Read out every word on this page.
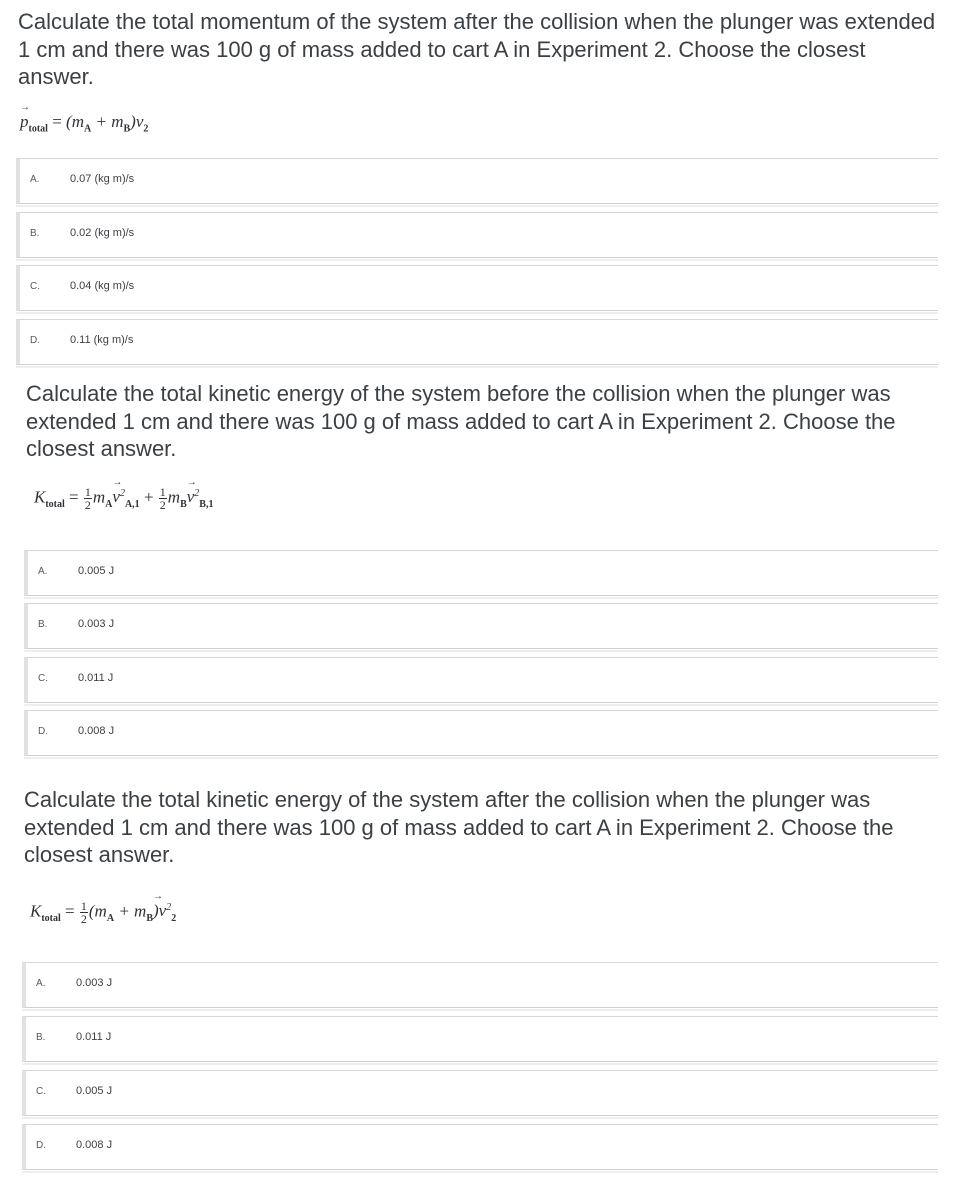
Calculate the total momentum of the system after the collision when the plunger was extended 1 cm and there was 100 g of mass added to cart A in Experiment 2. Choose the closest answer.

→ $p_{total} = (m_A + m_B)v_2$
A.	0.07 (kg m)/s
B.	0.02 (kg m)/s
C.	0.04 (kg m)/s
D.	0.11 (kg m)/s

Calculate the total kinetic energy of the system before the collision when the plunger was extended 1 cm and there was 100 g of mass added to cart A in Experiment 2. Choose the closest answer.

$K_{total} = \frac{1}{2} m_A\to v^2_{A,1} + \frac{1}{2} m_B\to v^2_{B,1}$
A.	0.005 J
B.	0.003 J
C.	0.011 J
D.	0.008 J

Calculate the total kinetic energy of the system after the collision when the plunger was extended 1 cm and there was 100 g of mass added to cart A in Experiment 2. Choose the closest answer.

$K_{total} = \frac{1}{2} (m_A + m_B\to )v^2_2$
A.	0.003 J
B.	0.011 J
C.	0.005 J
D.	0.008 J
